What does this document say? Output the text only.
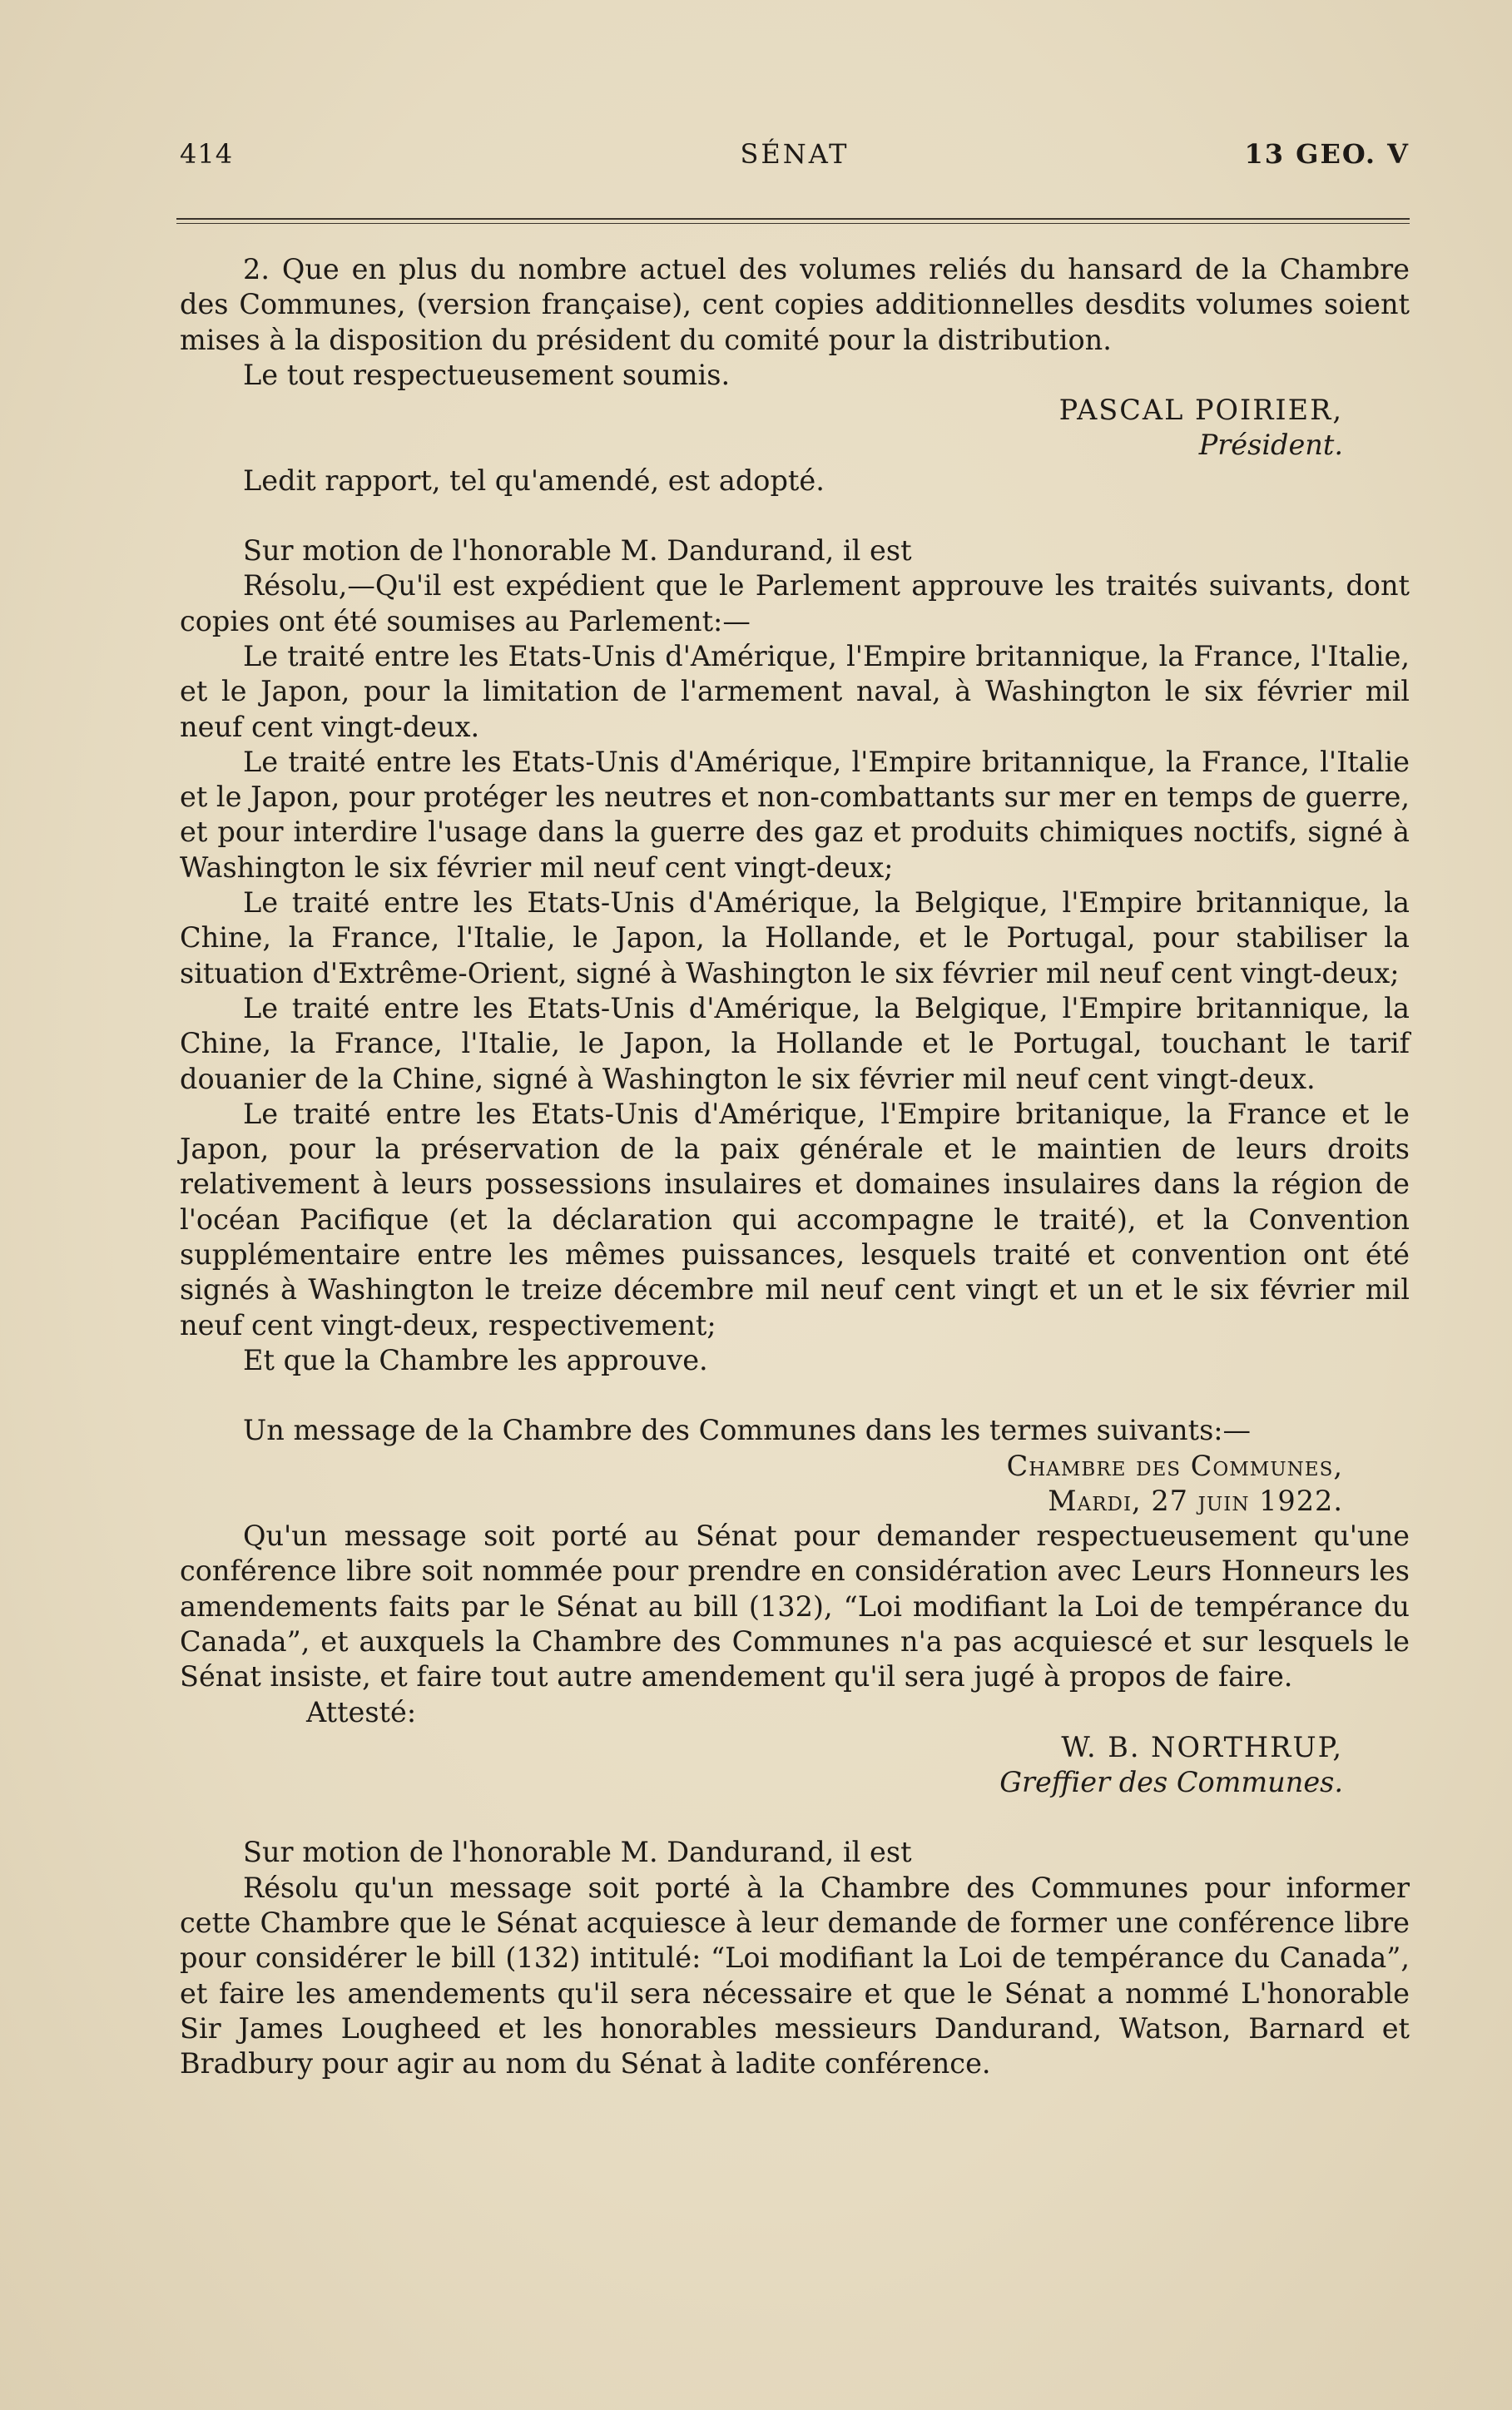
414	SÉNAT	13 GEO. V

2. Que en plus du nombre actuel des volumes reliés du hansard de la Chambre des Communes, (version française), cent copies additionnelles desdits volumes soient mises à la disposition du président du comité pour la distribution.

Le tout respectueusement soumis.

PASCAL POIRIER,

Président.

Ledit rapport, tel qu'amendé, est adopté.

Sur motion de l'honorable M. Dandurand, il est

Résolu,—Qu'il est expédient que le Parlement approuve les traités suivants, dont copies ont été soumises au Parlement:—

Le traité entre les Etats-Unis d'Amérique, l'Empire britannique, la France, l'Italie, et le Japon, pour la limitation de l'armement naval, à Washington le six février mil neuf cent vingt-deux.

Le traité entre les Etats-Unis d'Amérique, l'Empire britannique, la France, l'Italie et le Japon, pour protéger les neutres et non-combattants sur mer en temps de guerre, et pour interdire l'usage dans la guerre des gaz et produits chimiques noctifs, signé à Washington le six février mil neuf cent vingt-deux;

Le traité entre les Etats-Unis d'Amérique, la Belgique, l'Empire britannique, la Chine, la France, l'Italie, le Japon, la Hollande, et le Portugal, pour stabiliser la situation d'Extrême-Orient, signé à Washington le six février mil neuf cent vingt-deux;

Le traité entre les Etats-Unis d'Amérique, la Belgique, l'Empire britannique, la Chine, la France, l'Italie, le Japon, la Hollande et le Portugal, touchant le tarif douanier de la Chine, signé à Washington le six février mil neuf cent vingt-deux.

Le traité entre les Etats-Unis d'Amérique, l'Empire britanique, la France et le Japon, pour la préservation de la paix générale et le maintien de leurs droits relativement à leurs possessions insulaires et domaines insulaires dans la région de l'océan Pacifique (et la déclaration qui accompagne le traité), et la Convention supplémentaire entre les mêmes puissances, lesquels traité et convention ont été signés à Washington le treize décembre mil neuf cent vingt et un et le six février mil neuf cent vingt-deux, respectivement;

Et que la Chambre les approuve.

Un message de la Chambre des Communes dans les termes suivants:—

Chambre des Communes,

Mardi, 27 juin 1922.

Qu'un message soit porté au Sénat pour demander respectueusement qu'une conférence libre soit nommée pour prendre en considération avec Leurs Honneurs les amendements faits par le Sénat au bill (132), “Loi modifiant la Loi de tempérance du Canada”, et auxquels la Chambre des Communes n'a pas acquiescé et sur lesquels le Sénat insiste, et faire tout autre amendement qu'il sera jugé à propos de faire.

Attesté:

W. B. NORTHRUP,

Greffier des Communes.

Sur motion de l'honorable M. Dandurand, il est

Résolu qu'un message soit porté à la Chambre des Communes pour informer cette Chambre que le Sénat acquiesce à leur demande de former une conférence libre pour considérer le bill (132) intitulé: “Loi modifiant la Loi de tempérance du Canada”, et faire les amendements qu'il sera nécessaire et que le Sénat a nommé L'honorable Sir James Lougheed et les honorables messieurs Dandurand, Watson, Barnard et Bradbury pour agir au nom du Sénat à ladite conférence.
